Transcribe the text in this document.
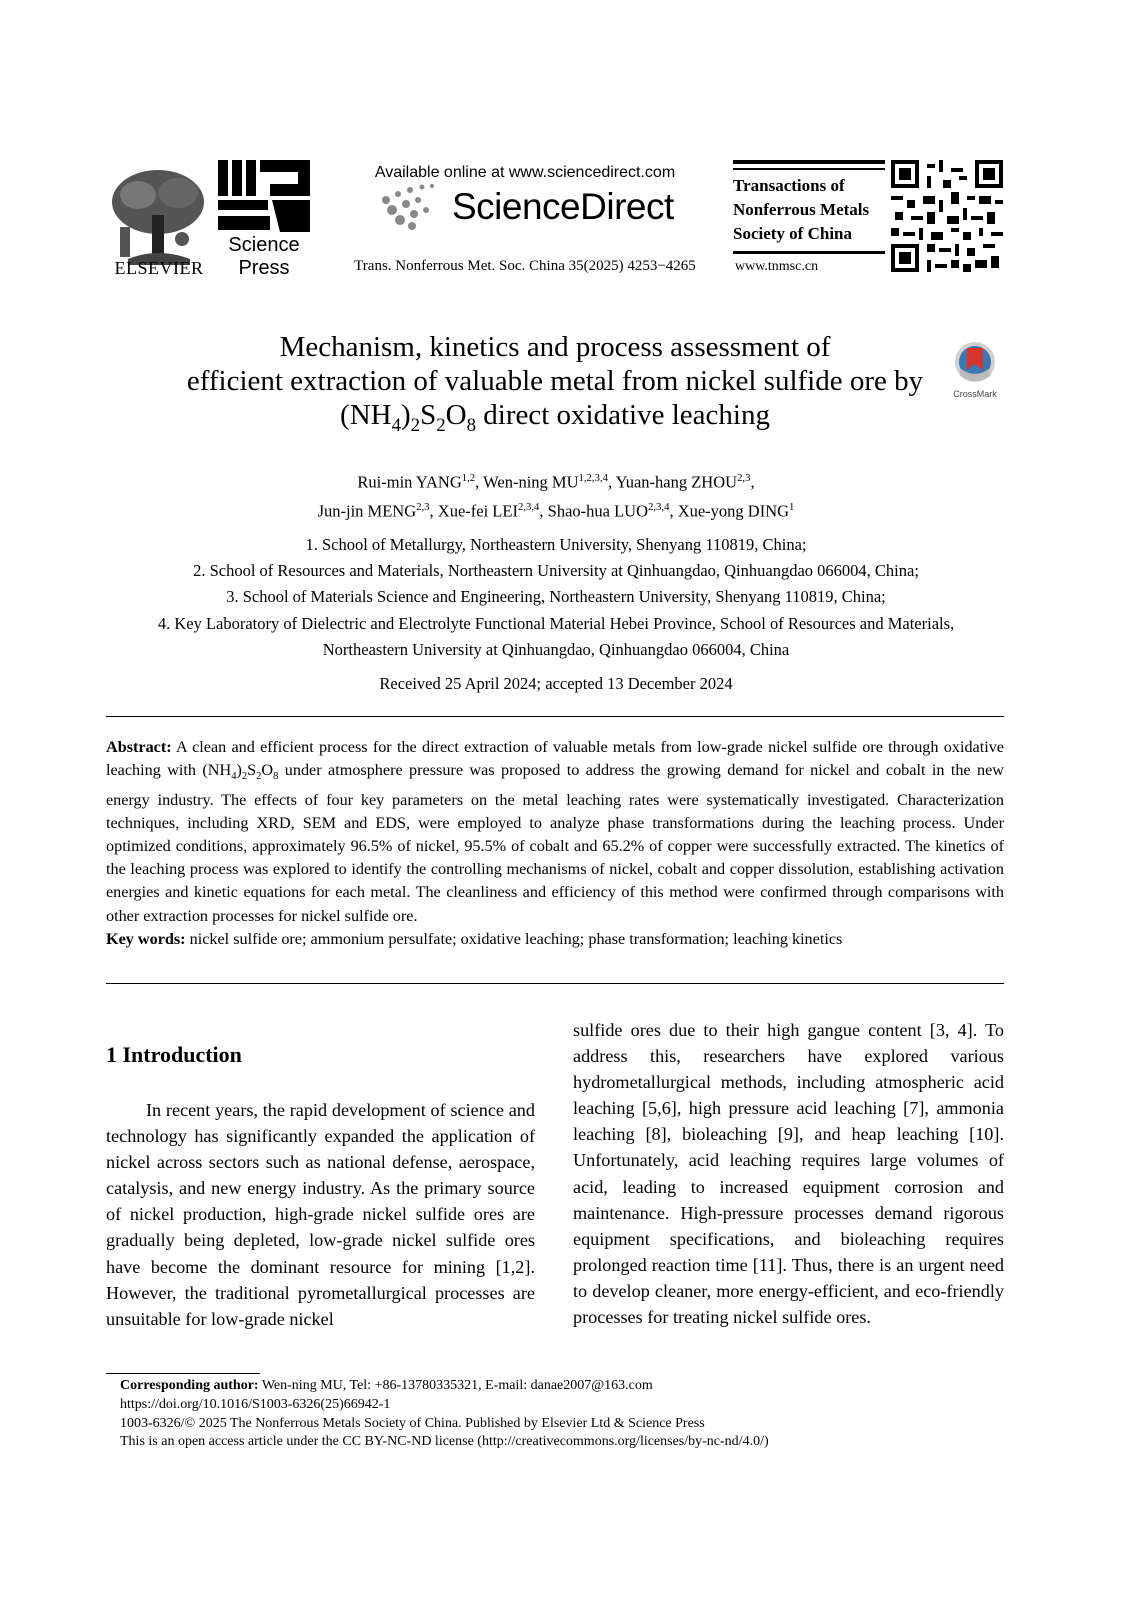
ELSEVIER
Science
Press
Available online at www.sciencedirect.com
ScienceDirect
Trans. Nonferrous Met. Soc. China 35(2025) 4253−4265
Transactions of
Nonferrous Metals
Society of China
www.tnmsc.cn
Mechanism, kinetics and process assessment of
efficient extraction of valuable metal from nickel sulfide ore by
$(NH_4)_2S_2O_8$ direct oxidative leaching
CrossMark
Rui-min YANG$^{1,2}$, Wen-ning MU$^{1,2,3,4}$, Yuan-hang ZHOU$^{2,3}$,
Jun-jin MENG$^{2,3}$, Xue-fei LEI$^{2,3,4}$, Shao-hua LUO$^{2,3,4}$, Xue-yong DING$^1$
1. School of Metallurgy, Northeastern University, Shenyang 110819, China;
2. School of Resources and Materials, Northeastern University at Qinhuangdao, Qinhuangdao 066004, China;
3. School of Materials Science and Engineering, Northeastern University, Shenyang 110819, China;
4. Key Laboratory of Dielectric and Electrolyte Functional Material Hebei Province, School of Resources and Materials,
Northeastern University at Qinhuangdao, Qinhuangdao 066004, China
Received 25 April 2024; accepted 13 December 2024
Abstract: A clean and efficient process for the direct extraction of valuable metals from low-grade nickel sulfide ore through oxidative leaching with $(NH_4)_2S_2O_8$ under atmosphere pressure was proposed to address the growing demand for nickel and cobalt in the new energy industry. The effects of four key parameters on the metal leaching rates were systematically investigated. Characterization techniques, including XRD, SEM and EDS, were employed to analyze phase transformations during the leaching process. Under optimized conditions, approximately 96.5% of nickel, 95.5% of cobalt and 65.2% of copper were successfully extracted. The kinetics of the leaching process was explored to identify the controlling mechanisms of nickel, cobalt and copper dissolution, establishing activation energies and kinetic equations for each metal. The cleanliness and efficiency of this method were confirmed through comparisons with other extraction processes for nickel sulfide ore.
Key words: nickel sulfide ore; ammonium persulfate; oxidative leaching; phase transformation; leaching kinetics
1 Introduction

In recent years, the rapid development of science and technology has significantly expanded the application of nickel across sectors such as national defense, aerospace, catalysis, and new energy industry. As the primary source of nickel production, high-grade nickel sulfide ores are gradually being depleted, low-grade nickel sulfide ores have become the dominant resource for mining [1,2]. However, the traditional pyrometallurgical processes are unsuitable for low-grade nickel

sulfide ores due to their high gangue content [3, 4]. To address this, researchers have explored various hydrometallurgical methods, including atmospheric acid leaching [5,6], high pressure acid leaching [7], ammonia leaching [8], bioleaching [9], and heap leaching [10]. Unfortunately, acid leaching requires large volumes of acid, leading to increased equipment corrosion and maintenance. High-pressure processes demand rigorous equipment specifications, and bioleaching requires prolonged reaction time [11]. Thus, there is an urgent need to develop cleaner, more energy-efficient, and eco-friendly processes for treating nickel sulfide ores.

Corresponding author: Wen-ning MU, Tel: +86-13780335321, E-mail: danae2007@163.com
https://doi.org/10.1016/S1003-6326(25)66942-1
1003-6326/© 2025 The Nonferrous Metals Society of China. Published by Elsevier Ltd & Science Press
This is an open access article under the CC BY-NC-ND license (http://creativecommons.org/licenses/by-nc-nd/4.0/)
